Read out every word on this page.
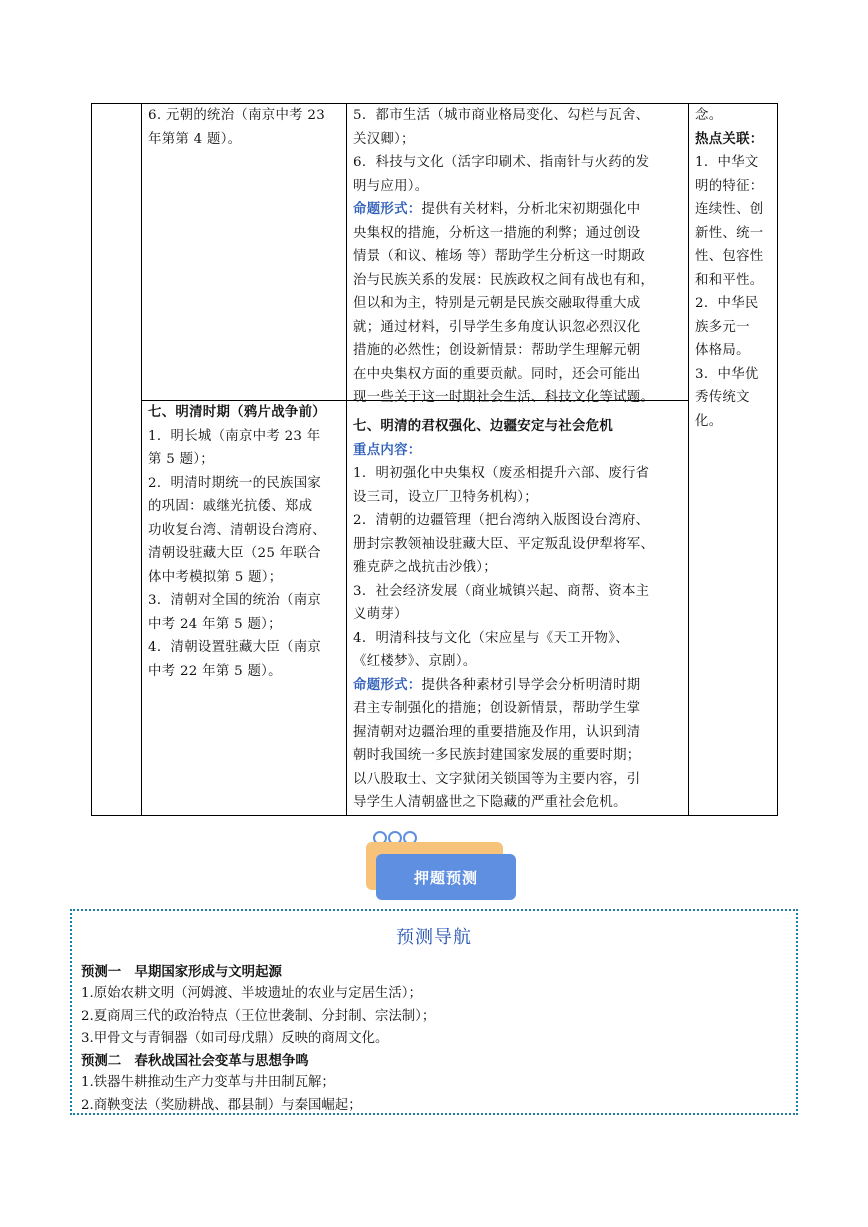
6. 元朝的统治（南京中考 23

年第第 4 题）。

5．都市生活（城市商业格局变化、勾栏与瓦舍、

关汉卿）；

6．科技与文化（活字印刷术、指南针与火药的发

明与应用）。

命题形式：提供有关材料，分析北宋初期强化中

央集权的措施，分析这一措施的利弊；通过创设

情景（和议、榷场 等）帮助学生分析这一时期政

治与民族关系的发展：民族政权之间有战也有和，

但以和为主，特别是元朝是民族交融取得重大成

就；通过材料，引导学生多角度认识忽必烈汉化

措施的必然性；创设新情景：帮助学生理解元朝

在中央集权方面的重要贡献。同时，还会可能出

现一些关于这一时期社会生活、科技文化等试题。

念。

热点关联：

1．中华文

明的特征：

连续性、创

新性、统一

性、包容性

和和平性。

2．中华民

族多元一

体格局。

3．中华优

秀传统文

化。

七、明清时期（鸦片战争前）

1．明长城（南京中考 23 年

第 5 题）；

2．明清时期统一的民族国家

的巩固：戚继光抗倭、郑成

功收复台湾、清朝设台湾府、

清朝设驻藏大臣（25 年联合

体中考模拟第 5 题）；

3．清朝对全国的统治（南京

中考 24 年第 5 题）；

4．清朝设置驻藏大臣（南京

中考 22 年第 5 题）。

七、明清的君权强化、边疆安定与社会危机

重点内容：

1．明初强化中央集权（废丞相提升六部、废行省

设三司，设立厂卫特务机构）；

2．清朝的边疆管理（把台湾纳入版图设台湾府、

册封宗教领袖设驻藏大臣、平定叛乱设伊犁将军、

雅克萨之战抗击沙俄）；

3．社会经济发展（商业城镇兴起、商帮、资本主

义萌芽）

4．明清科技与文化（宋应星与《天工开物》、

《红楼梦》、京剧）。

命题形式：提供各种素材引导学会分析明清时期

君主专制强化的措施；创设新情景，帮助学生掌

握清朝对边疆治理的重要措施及作用，认识到清

朝时我国统一多民族封建国家发展的重要时期；

以八股取士、文字狱闭关锁国等为主要内容，引

导学生人清朝盛世之下隐藏的严重社会危机。

押题预测
预测导航

预测一　早期国家形成与文明起源

1.原始农耕文明（河姆渡、半坡遗址的农业与定居生活）；

2.夏商周三代的政治特点（王位世袭制、分封制、宗法制）；

3.甲骨文与青铜器（如司母戊鼎）反映的商周文化。

预测二　春秋战国社会变革与思想争鸣

1.铁器牛耕推动生产力变革与井田制瓦解；

2.商鞅变法（奖励耕战、郡县制）与秦国崛起；
